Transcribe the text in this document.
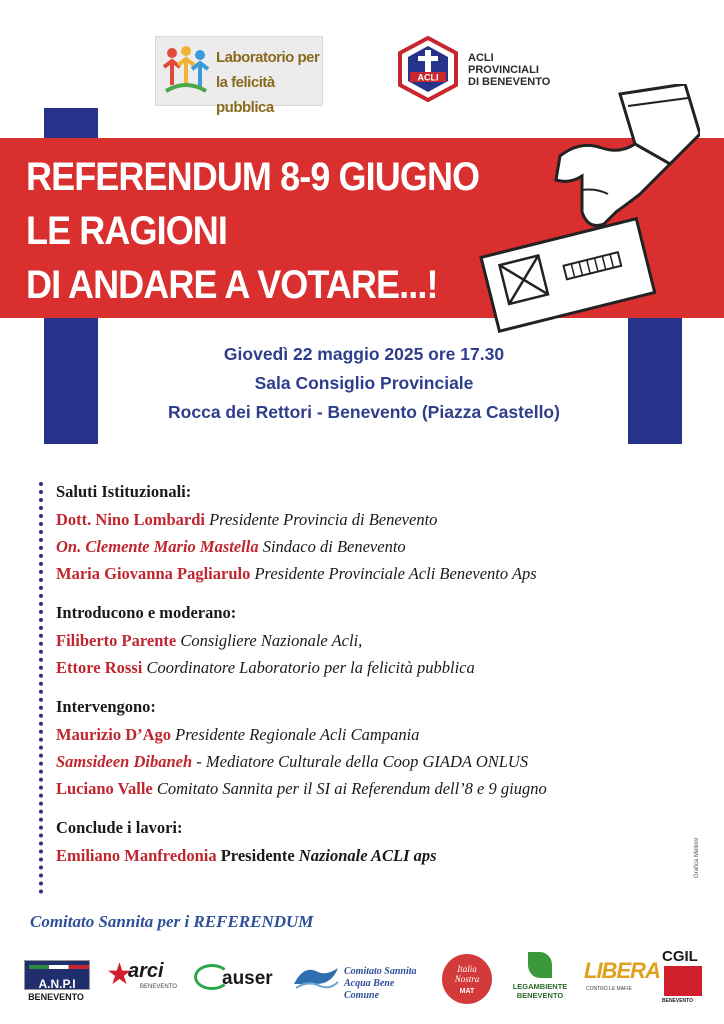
Laboratorio per la felicità pubblica
ACLI
ACLI
PROVINCIALI
DI BENEVENTO
REFERENDUM 8-9 GIUGNO
LE RAGIONI
DI ANDARE A VOTARE...!
Giovedì 22 maggio 2025 ore 17.30
Sala Consiglio Provinciale
Rocca dei Rettori - Benevento (Piazza Castello)
Saluti Istituzionali:
Dott. Nino Lombardi Presidente Provincia di Benevento
On. Clemente Mario Mastella Sindaco di Benevento
Maria Giovanna Pagliarulo Presidente Provinciale Acli Benevento Aps
Introducono e moderano:
Filiberto Parente Consigliere Nazionale Acli,
Ettore Rossi Coordinatore Laboratorio per la felicità pubblica
Intervengono:
Maurizio D’Ago Presidente Regionale Acli Campania
Samsideen Dibaneh - Mediatore Culturale della Coop GIADA ONLUS
Luciano Valle Comitato Sannita per il SI ai Referendum dell’8 e 9 giugno
Conclude i lavori:
Emiliano Manfredonia Presidente Nazionale ACLI aps
Comitato Sannita per i REFERENDUM
Grafica Melloni
A.N.P.I
BENEVENTO
★
arci
BENEVENTO auser	Comitato Sannita
Acqua Bene Comune
Italia
Nostra
MAT
LEGAMBIENTE
BENEVENTO
LIBERA
CONTRO LE MAFIE
CGIL
BENEVENTO
